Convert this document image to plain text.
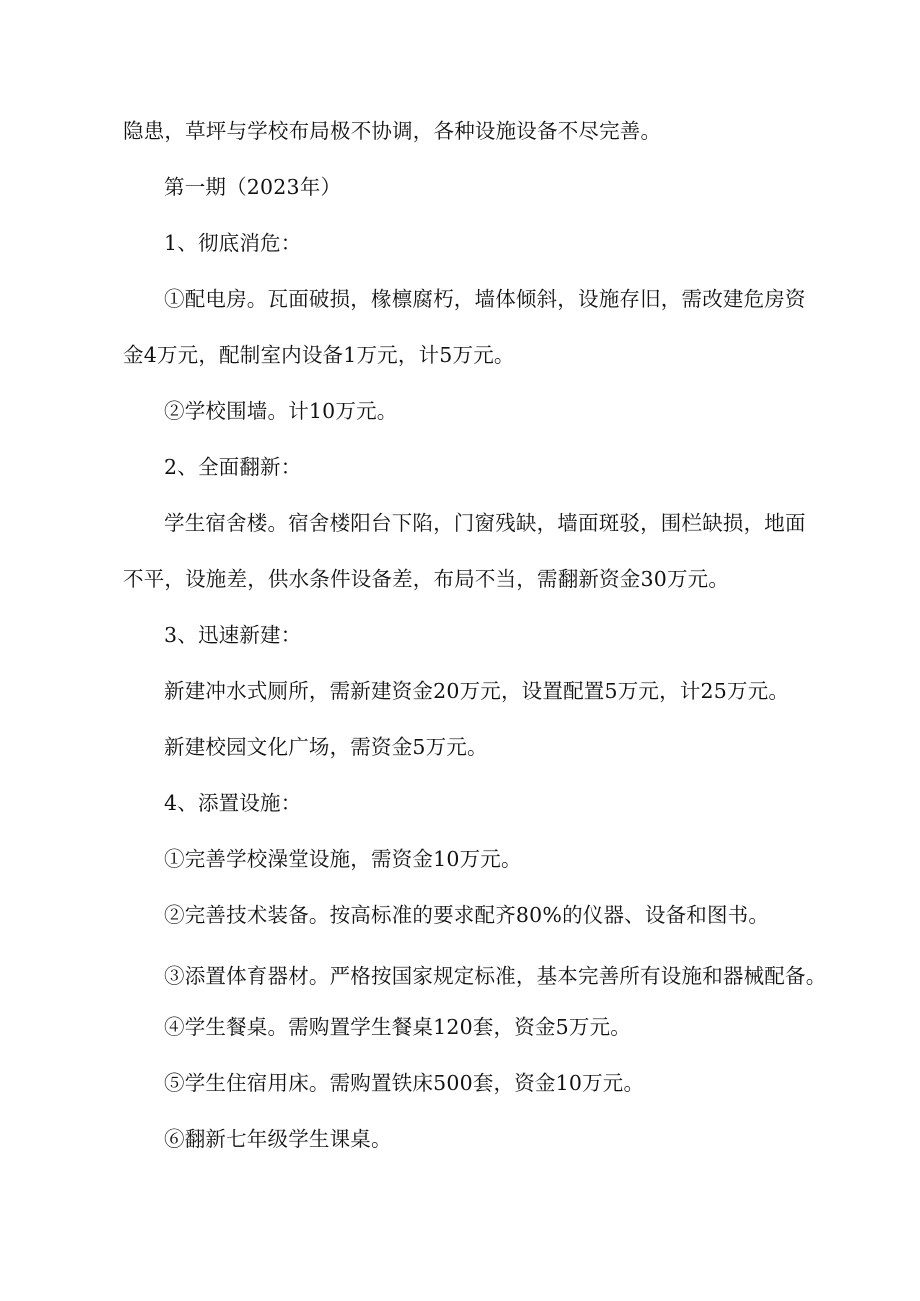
隐患，草坪与学校布局极不协调，各种设施设备不尽完善。
第一期（2023年）
1、彻底消危：
①配电房。瓦面破损，椽檩腐朽，墙体倾斜，设施存旧，需改建危房资
金4万元，配制室内设备1万元，计5万元。
②学校围墙。计10万元。
2、全面翻新：
学生宿舍楼。宿舍楼阳台下陷，门窗残缺，墙面斑驳，围栏缺损，地面
不平，设施差，供水条件设备差，布局不当，需翻新资金30万元。
3、迅速新建：
新建冲水式厕所，需新建资金20万元，设置配置5万元，计25万元。
新建校园文化广场，需资金5万元。
4、添置设施：
①完善学校澡堂设施，需资金10万元。
②完善技术装备。按高标准的要求配齐80%的仪器、设备和图书。
③添置体育器材。严格按国家规定标准，基本完善所有设施和器械配备。
④学生餐桌。需购置学生餐桌120套，资金5万元。
⑤学生住宿用床。需购置铁床500套，资金10万元。
⑥翻新七年级学生课桌。
